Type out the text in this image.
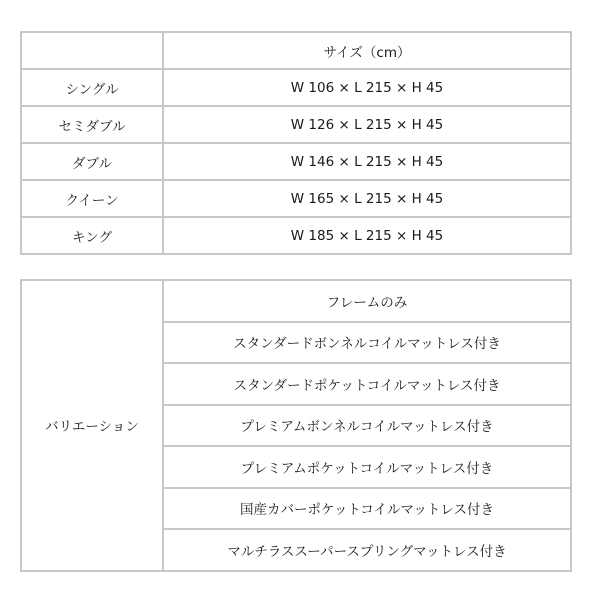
	サイズ（cm）
シングル	W 106 × L 215 × H 45
セミダブル	W 126 × L 215 × H 45
ダブル	W 146 × L 215 × H 45
クイーン	W 165 × L 215 × H 45
キング	W 185 × L 215 × H 45
バリエーション	フレームのみ
スタンダードボンネルコイルマットレス付き
スタンダードポケットコイルマットレス付き
プレミアムボンネルコイルマットレス付き
プレミアムポケットコイルマットレス付き
国産カバーポケットコイルマットレス付き
マルチラススーパースプリングマットレス付き
